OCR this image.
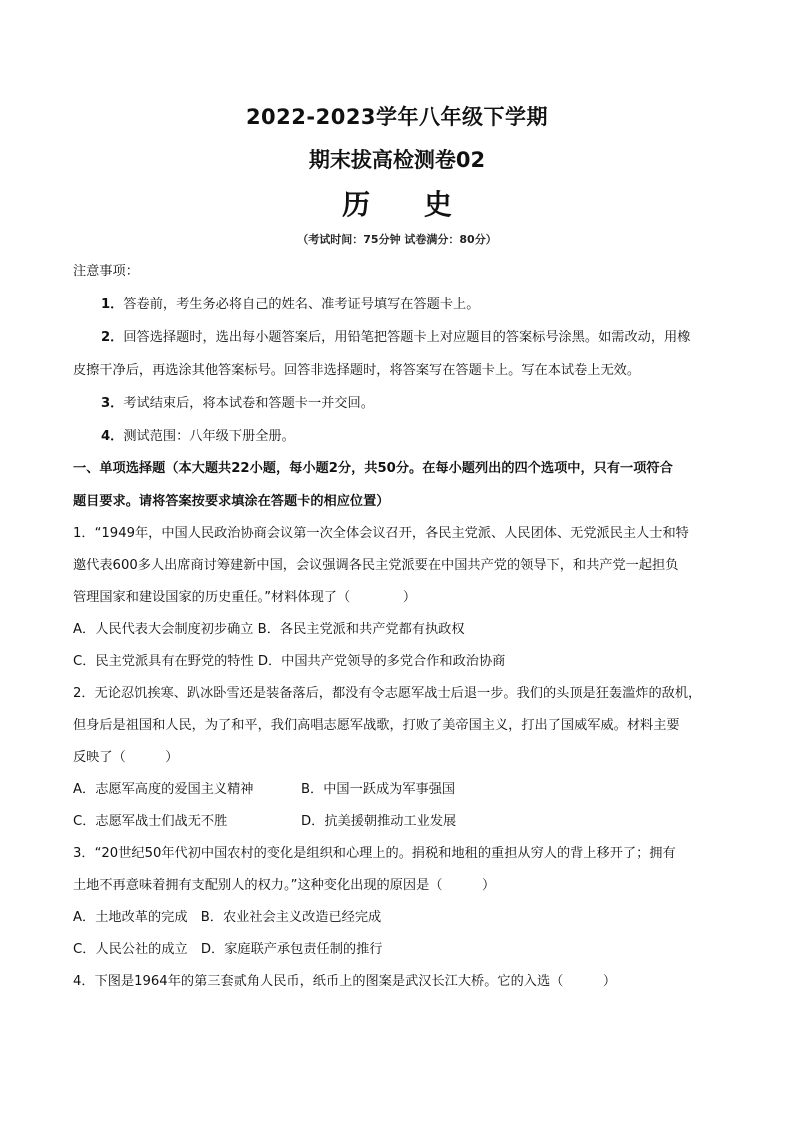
2022-2023学年八年级下学期
期末拔高检测卷02
历 史
（考试时间：75分钟 试卷满分：80分）
注意事项：
1．答卷前，考生务必将自己的姓名、准考证号填写在答题卡上。
2．回答选择题时，选出每小题答案后，用铅笔把答题卡上对应题目的答案标号涂黑。如需改动，用橡
皮擦干净后，再选涂其他答案标号。回答非选择题时，将答案写在答题卡上。写在本试卷上无效。
3．考试结束后，将本试卷和答题卡一并交回。
4．测试范围：八年级下册全册。
一、单项选择题（本大题共22小题，每小题2分，共50分。在每小题列出的四个选项中，只有一项符合
题目要求。请将答案按要求填涂在答题卡的相应位置）
1．“1949年，中国人民政治协商会议第一次全体会议召开，各民主党派、人民团体、无党派民主人士和特
邀代表600多人出席商讨筹建新中国，会议强调各民主党派要在中国共产党的领导下，和共产党一起担负
管理国家和建设国家的历史重任。”材料体现了（　　　　）
A．人民代表大会制度初步确立 B．各民主党派和共产党都有执政权
C．民主党派具有在野党的特性 D．中国共产党领导的多党合作和政治协商
2．无论忍饥挨寒、趴冰卧雪还是装备落后，都没有令志愿军战士后退一步。我们的头顶是狂轰滥炸的敌机，
但身后是祖国和人民，为了和平，我们高唱志愿军战歌，打败了美帝国主义，打出了国威军威。材料主要
反映了（　　　）
A．志愿军高度的爱国主义精神	B．中国一跃成为军事强国
C．志愿军战士们战无不胜	D．抗美援朝推动工业发展
3．“20世纪50年代初中国农村的变化是组织和心理上的。捐税和地租的重担从穷人的背上移开了；拥有
土地不再意味着拥有支配别人的权力。”这种变化出现的原因是（　　　）
A．土地改革的完成　B．农业社会主义改造已经完成
C．人民公社的成立　D．家庭联产承包责任制的推行
4．下图是1964年的第三套贰角人民币，纸币上的图案是武汉长江大桥。它的入选（　　　）
